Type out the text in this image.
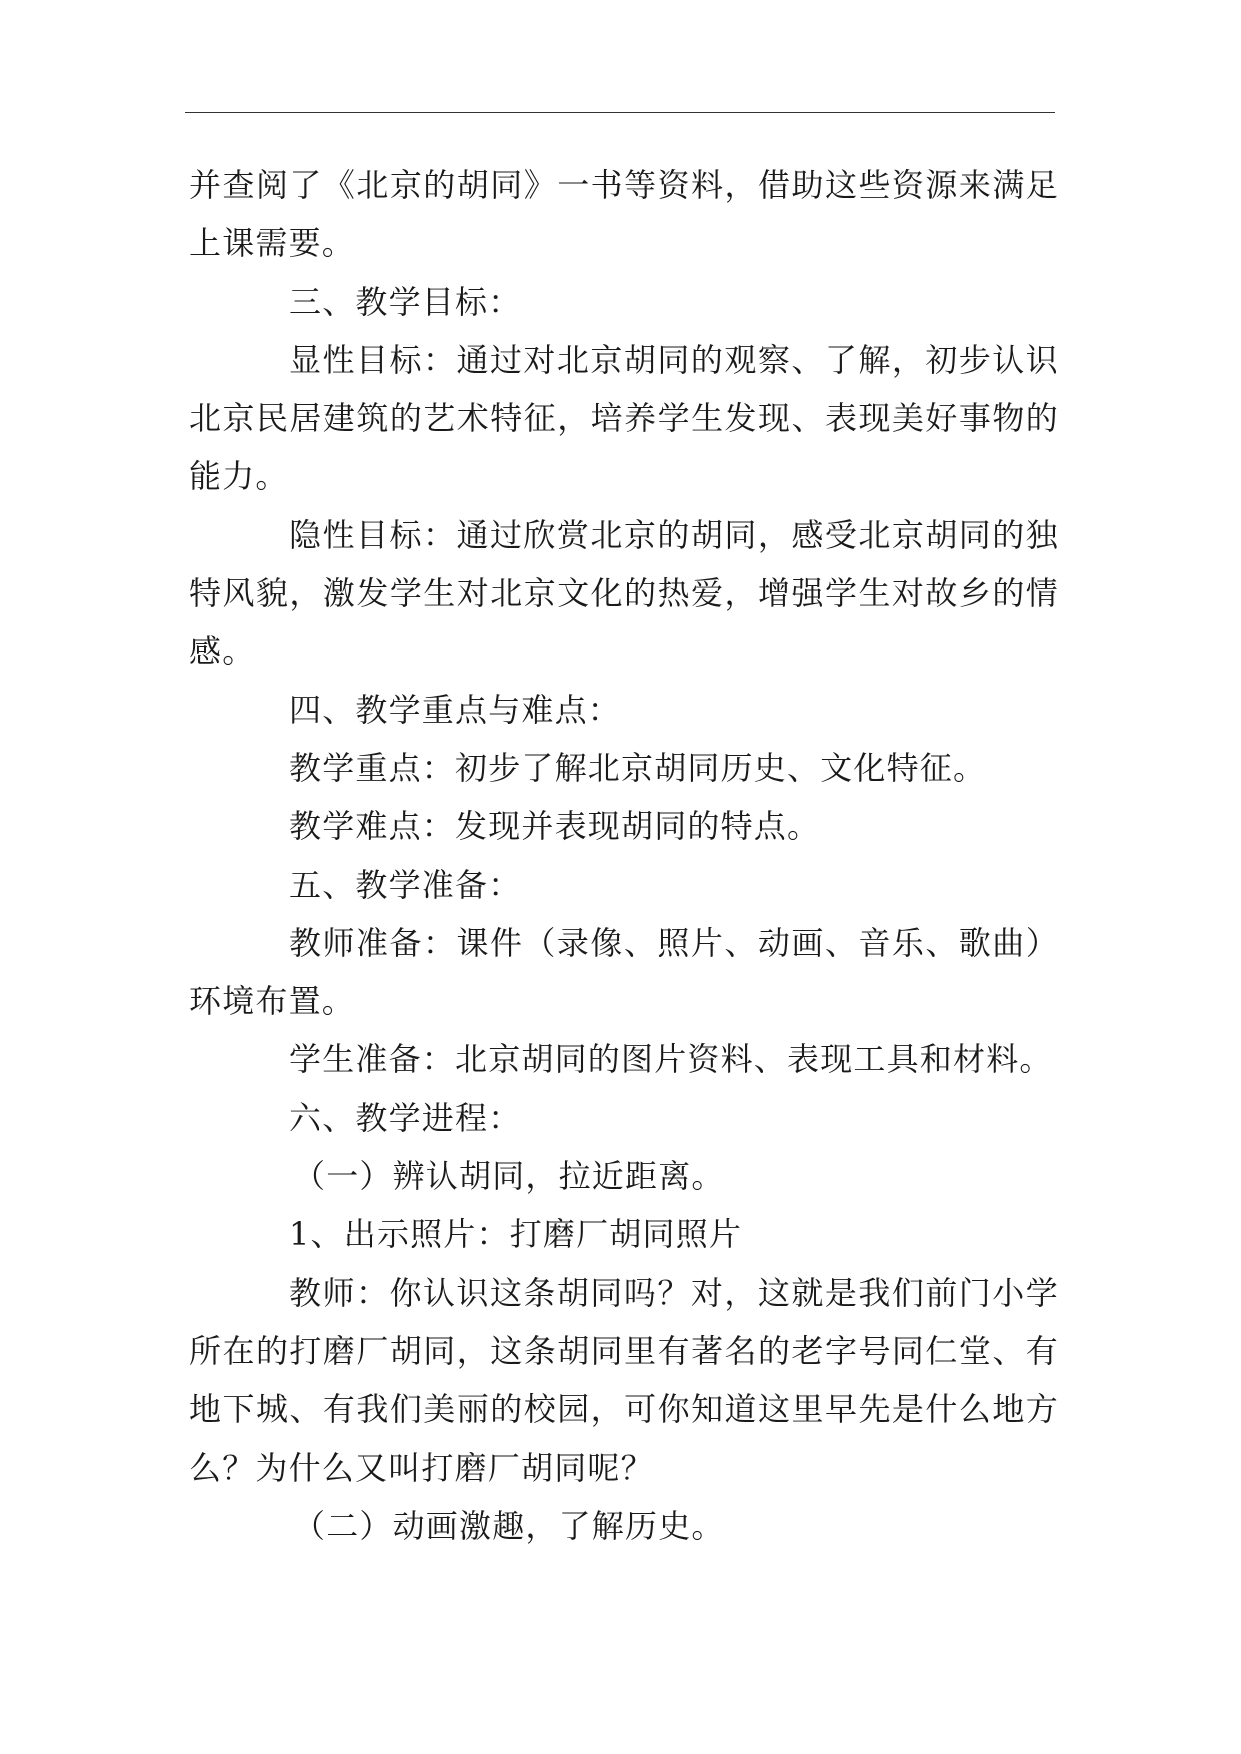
并查阅了《北京的胡同》一书等资料，借助这些资源来满足上课需要。

三、教学目标：

显性目标：通过对北京胡同的观察、了解，初步认识北京民居建筑的艺术特征，培养学生发现、表现美好事物的能力。

隐性目标：通过欣赏北京的胡同，感受北京胡同的独特风貌，激发学生对北京文化的热爱，增强学生对故乡的情感。

四、教学重点与难点：

教学重点：初步了解北京胡同历史、文化特征。

教学难点：发现并表现胡同的特点。

五、教学准备：

教师准备：课件（录像、照片、动画、音乐、歌曲）环境布置。

学生准备：北京胡同的图片资料、表现工具和材料。

六、教学进程：

（一）辨认胡同，拉近距离。

1、出示照片：打磨厂胡同照片

教师：你认识这条胡同吗？对，这就是我们前门小学所在的打磨厂胡同，这条胡同里有著名的老字号同仁堂、有地下城、有我们美丽的校园，可你知道这里早先是什么地方么？为什么又叫打磨厂胡同呢？

（二）动画激趣，了解历史。
